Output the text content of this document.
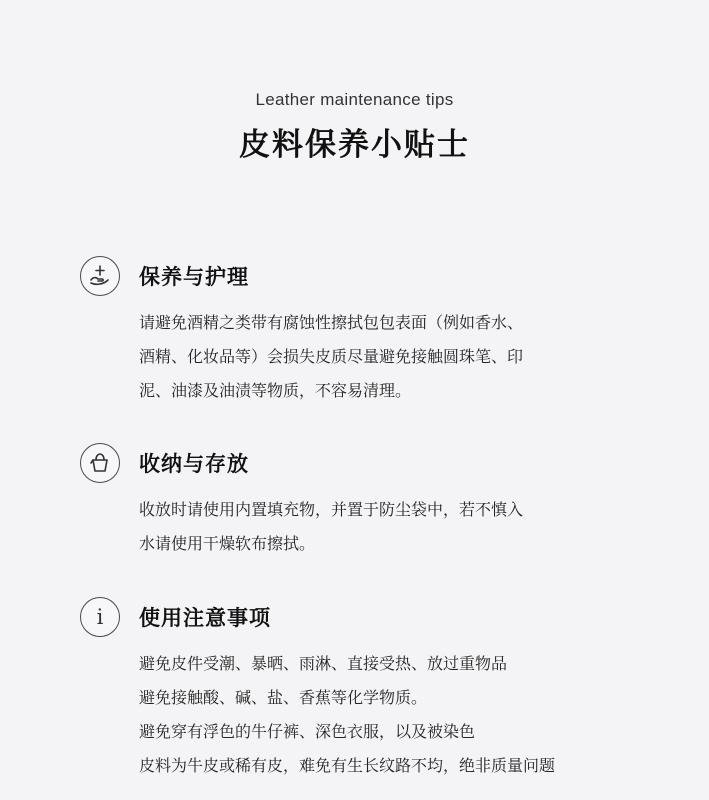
Leather maintenance tips
皮料保养小贴士
保养与护理

请避免酒精之类带有腐蚀性擦拭包包表面（例如香水、

酒精、化妆品等）会损失皮质尽量避免接触圆珠笔、印

泥、油漆及油渍等物质，不容易清理。

收纳与存放

收放时请使用内置填充物，并置于防尘袋中，若不慎入

水请使用干燥软布擦拭。

i 使用注意事项

避免皮件受潮、暴晒、雨淋、直接受热、放过重物品

避免接触酸、碱、盐、香蕉等化学物质。

避免穿有浮色的牛仔裤、深色衣服，以及被染色

皮料为牛皮或稀有皮，难免有生长纹路不均，绝非质量问题
